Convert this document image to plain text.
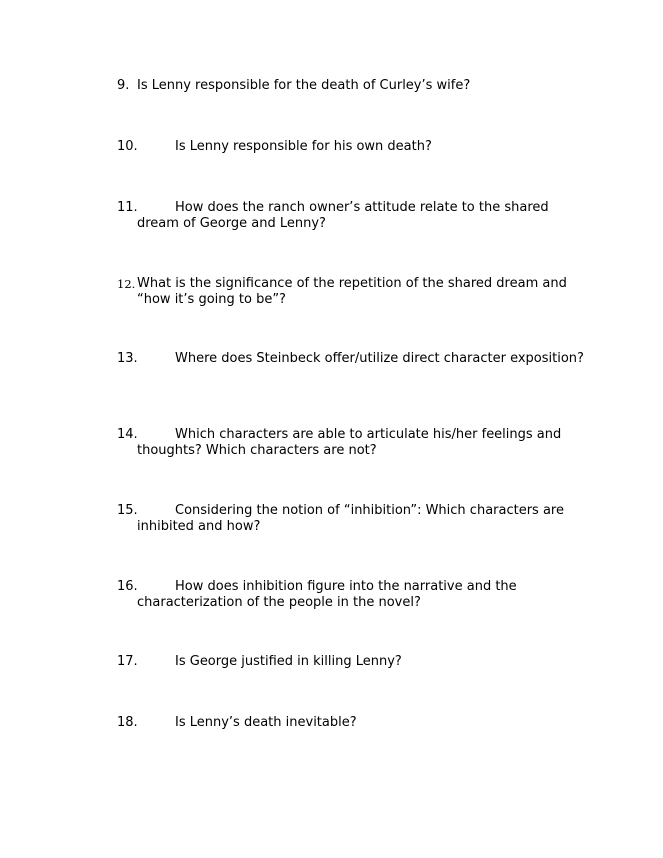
9. Is Lenny responsible for the death of Curley’s wife?
10.	Is Lenny responsible for his own death?
11.	How does the ranch owner’s attitude relate to the shared dream of George and Lenny?
12. What is the significance of the repetition of the shared dream and “how it’s going to be”?
13.	Where does Steinbeck offer/utilize direct character exposition?
14.	Which characters are able to articulate his/her feelings and thoughts? Which characters are not?
15.	Considering the notion of “inhibition”: Which characters are inhibited and how?
16.	How does inhibition figure into the narrative and the characterization of the people in the novel?
17.	Is George justified in killing Lenny?
18.	Is Lenny’s death inevitable?
